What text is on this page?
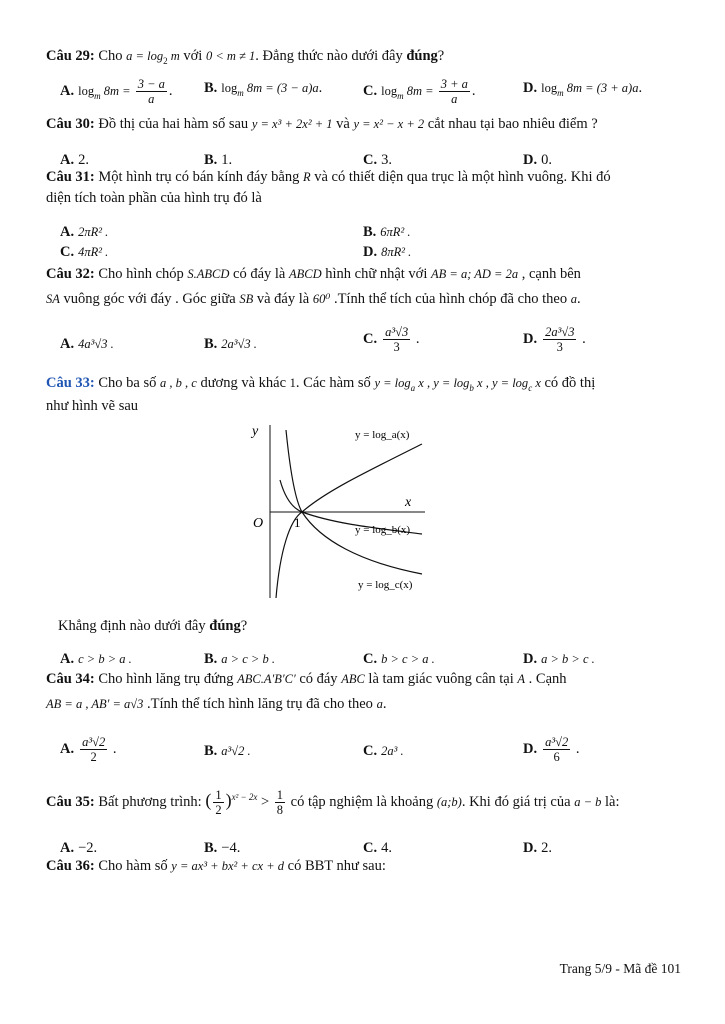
Câu 29: Cho $a = \log_2 m$ với 0 < m ≠ 1. Đẳng thức nào dưới đây đúng?
A. $\log_m 8m = \frac{3 - a}{a}$ . B. $\log_m 8m = (3 - a)a$.	C. $\log_m 8m = \frac{3 + a}{a}$ .	D. $\log_m 8m = (3 + a)a$.
Câu 30: Đồ thị của hai hàm số sau y = x³ + 2x² + 1 và y = x² − x + 2 cắt nhau tại bao nhiêu điểm ?
A. 2.	B. 1.	C. 3.	D. 0.
Câu 31: Một hình trụ có bán kính đáy bằng R và có thiết diện qua trục là một hình vuông. Khi đó
diện tích toàn phần của hình trụ đó là
A. 2πR² .	B. 6πR² .
C. 4πR² .	D. 8πR² .
Câu 32: Cho hình chóp S.ABCD có đáy là ABCD hình chữ nhật với AB = a; AD = 2a , cạnh bên
SA vuông góc với đáy . Góc giữa SB và đáy là 60⁰ .Tính thể tích của hình chóp đã cho theo a.
A. 4a³√3 .	B. 2a³√3 .	C. $\frac{\text{a³√3}}{3}$ .	D. $\frac{\text{2a³√3}}{3}$ .
Câu 33: Cho ba số a , b , c dương và khác 1. Các hàm số $y = \log_a x$ , $y = \log_b x$ , $y = \log_c x$ có đồ thị
như hình vẽ sau
y
x
O 1
y = log_a(x)
y = log_b(x)
y = log_c(x)
Khẳng định nào dưới đây đúng?
A. c > b > a .	B. a > c > b .	C. b > c > a .	D. a > b > c .
Câu 34: Cho hình lăng trụ đứng ABC.A′B′C′ có đáy ABC là tam giác vuông cân tại A . Cạnh
AB = a , AB′ = a√3 .Tính thể tích hình lăng trụ đã cho theo a.
A. $\frac{\text{a³√2}}{2}$ .	B. a³√2 .	C. 2a³ .	D. $\frac{\text{a³√2}}{6}$ .
Câu 35: Bất phương trình: ( $\frac{1}{2} )^{x^2 - 2x} > \frac{1}{8}$ có tập nghiệm là khoảng (a;b). Khi đó giá trị của a − b là:
A. −2.	B. −4.	C. 4.	D. 2.
Câu 36: Cho hàm số y = ax³ + bx² + cx + d có BBT như sau:
Trang 5/9 - Mã đề 101
